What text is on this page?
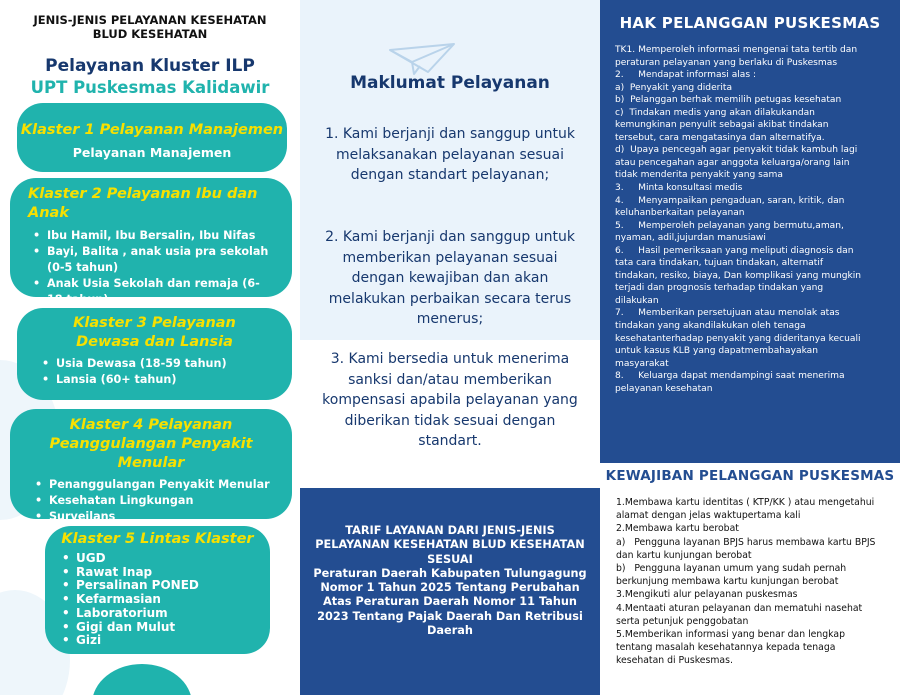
JENIS-JENIS PELAYANAN KESEHATAN BLUD KESEHATAN
Pelayanan Kluster ILP
UPT Puskesmas Kalidawir
Klaster 1 Pelayanan Manajemen
Pelayanan Manajemen
Klaster 2 Pelayanan Ibu dan Anak
• Ibu Hamil, Ibu Bersalin, Ibu Nifas
• Bayi, Balita , anak usia pra sekolah (0-5 tahun)
• Anak Usia Sekolah dan remaja (6-18 tahun)
Klaster 3 Pelayanan Dewasa dan Lansia
• Usia Dewasa (18-59 tahun)
• Lansia (60+ tahun)
Klaster 4 Pelayanan Peanggulangan Penyakit Menular
• Penanggulangan Penyakit Menular
• Kesehatan Lingkungan
• Surveilans
Klaster 5 Lintas Klaster
• UGD
• Rawat Inap
• Persalinan PONED
• Kefarmasian
• Laboratorium
• Gigi dan Mulut
• Gizi
Maklumat Pelayanan
1. Kami berjanji dan sanggup untuk melaksanakan pelayanan sesuai dengan standart pelayanan;
2. Kami berjanji dan sanggup untuk memberikan pelayanan sesuai dengan kewajiban dan akan melakukan perbaikan secara terus menerus;
3. Kami bersedia untuk menerima sanksi dan/atau memberikan kompensasi apabila pelayanan yang diberikan tidak sesuai dengan standart.
TARIF LAYANAN DARI JENIS-JENIS PELAYANAN KESEHATAN BLUD KESEHATAN SESUAI
Peraturan Daerah Kabupaten Tulungagung Nomor 1 Tahun 2025 Tentang Perubahan Atas Peraturan Daerah Nomor 11 Tahun 2023 Tentang Pajak Daerah Dan Retribusi Daerah
HAK PELANGGAN PUSKESMAS

TK1. Memperoleh informasi mengenai tata tertib dan peraturan pelayanan yang berlaku di Puskesmas

2.     Mendapat informasi alas :

a)  Penyakit yang diderita

b)  Pelanggan berhak memilih petugas kesehatan

c)  Tindakan medis yang akan dilakukandan kemungkinan penyulit sebagai akibat tindakan tersebut, cara mengatasinya dan alternatifya.

d)  Upaya pencegah agar penyakit tidak kambuh lagi atau pencegahan agar anggota keluarga/orang lain tidak menderita penyakit yang sama

3.     Minta konsultasi medis

4.     Menyampaikan pengaduan, saran, kritik, dan keluhanberkaitan pelayanan

5.     Memperoleh pelayanan yang bermutu,aman, nyaman, adil,jujurdan manusiawi

6.     Hasil pemeriksaan yang meliputi diagnosis dan tata cara tindakan, tujuan tindakan, alternatif tindakan, resiko, biaya, Dan komplikasi yang mungkin terjadi dan prognosis terhadap tindakan yang dilakukan

7.     Memberikan persetujuan atau menolak atas tindakan yang akandilakukan oleh tenaga kesehatanterhadap penyakit yang dideritanya kecuali untuk kasus KLB yang dapatmembahayakan masyarakat

8.     Keluarga dapat mendampingi saat menerima pelayanan kesehatan

KEWAJIBAN PELANGGAN PUSKESMAS

1.Membawa kartu identitas ( KTP/KK ) atau mengetahui alamat dengan jelas waktupertama kali

2.Membawa kartu berobat

a)   Pengguna layanan BPJS harus membawa kartu BPJS dan kartu kunjungan berobat

b)   Pengguna layanan umum yang sudah pernah berkunjung membawa kartu kunjungan berobat

3.Mengikuti alur pelayanan puskesmas

4.Mentaati aturan pelayanan dan mematuhi nasehat serta petunjuk penggobatan

5.Memberikan informasi yang benar dan lengkap tentang masalah kesehatannya kepada tenaga kesehatan di Puskesmas.
